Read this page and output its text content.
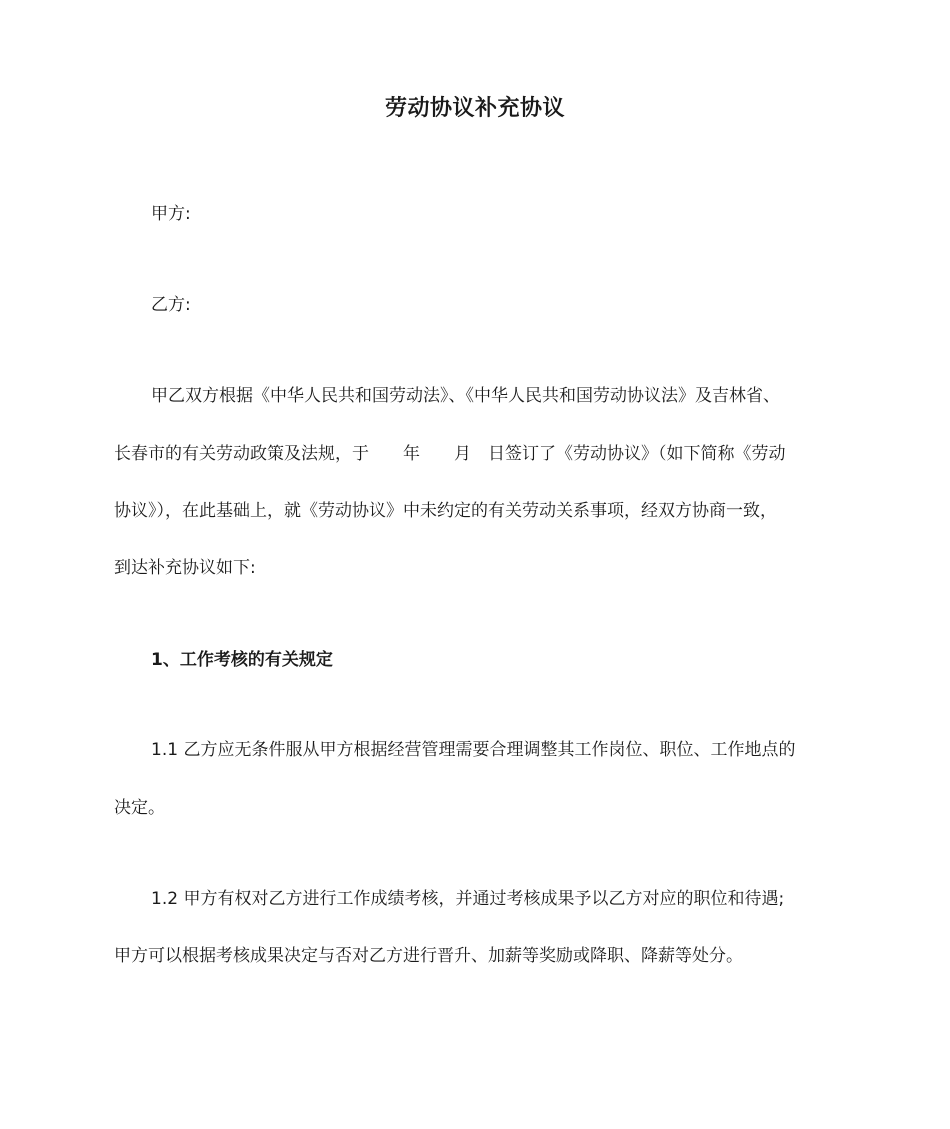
劳动协议补充协议
甲方:
乙方:
甲乙双方根据《中华人民共和国劳动法》、《中华人民共和国劳动协议法》及吉林省、
长春市的有关劳动政策及法规，于　　年　　月　日签订了《劳动协议》（如下简称《劳动
协议》），在此基础上，就《劳动协议》中未约定的有关劳动关系事项，经双方协商一致，
到达补充协议如下:
1、工作考核的有关规定
1.1 乙方应无条件服从甲方根据经营管理需要合理调整其工作岗位、职位、工作地点的
决定。
1.2 甲方有权对乙方进行工作成绩考核，并通过考核成果予以乙方对应的职位和待遇;
甲方可以根据考核成果决定与否对乙方进行晋升、加薪等奖励或降职、降薪等处分。
